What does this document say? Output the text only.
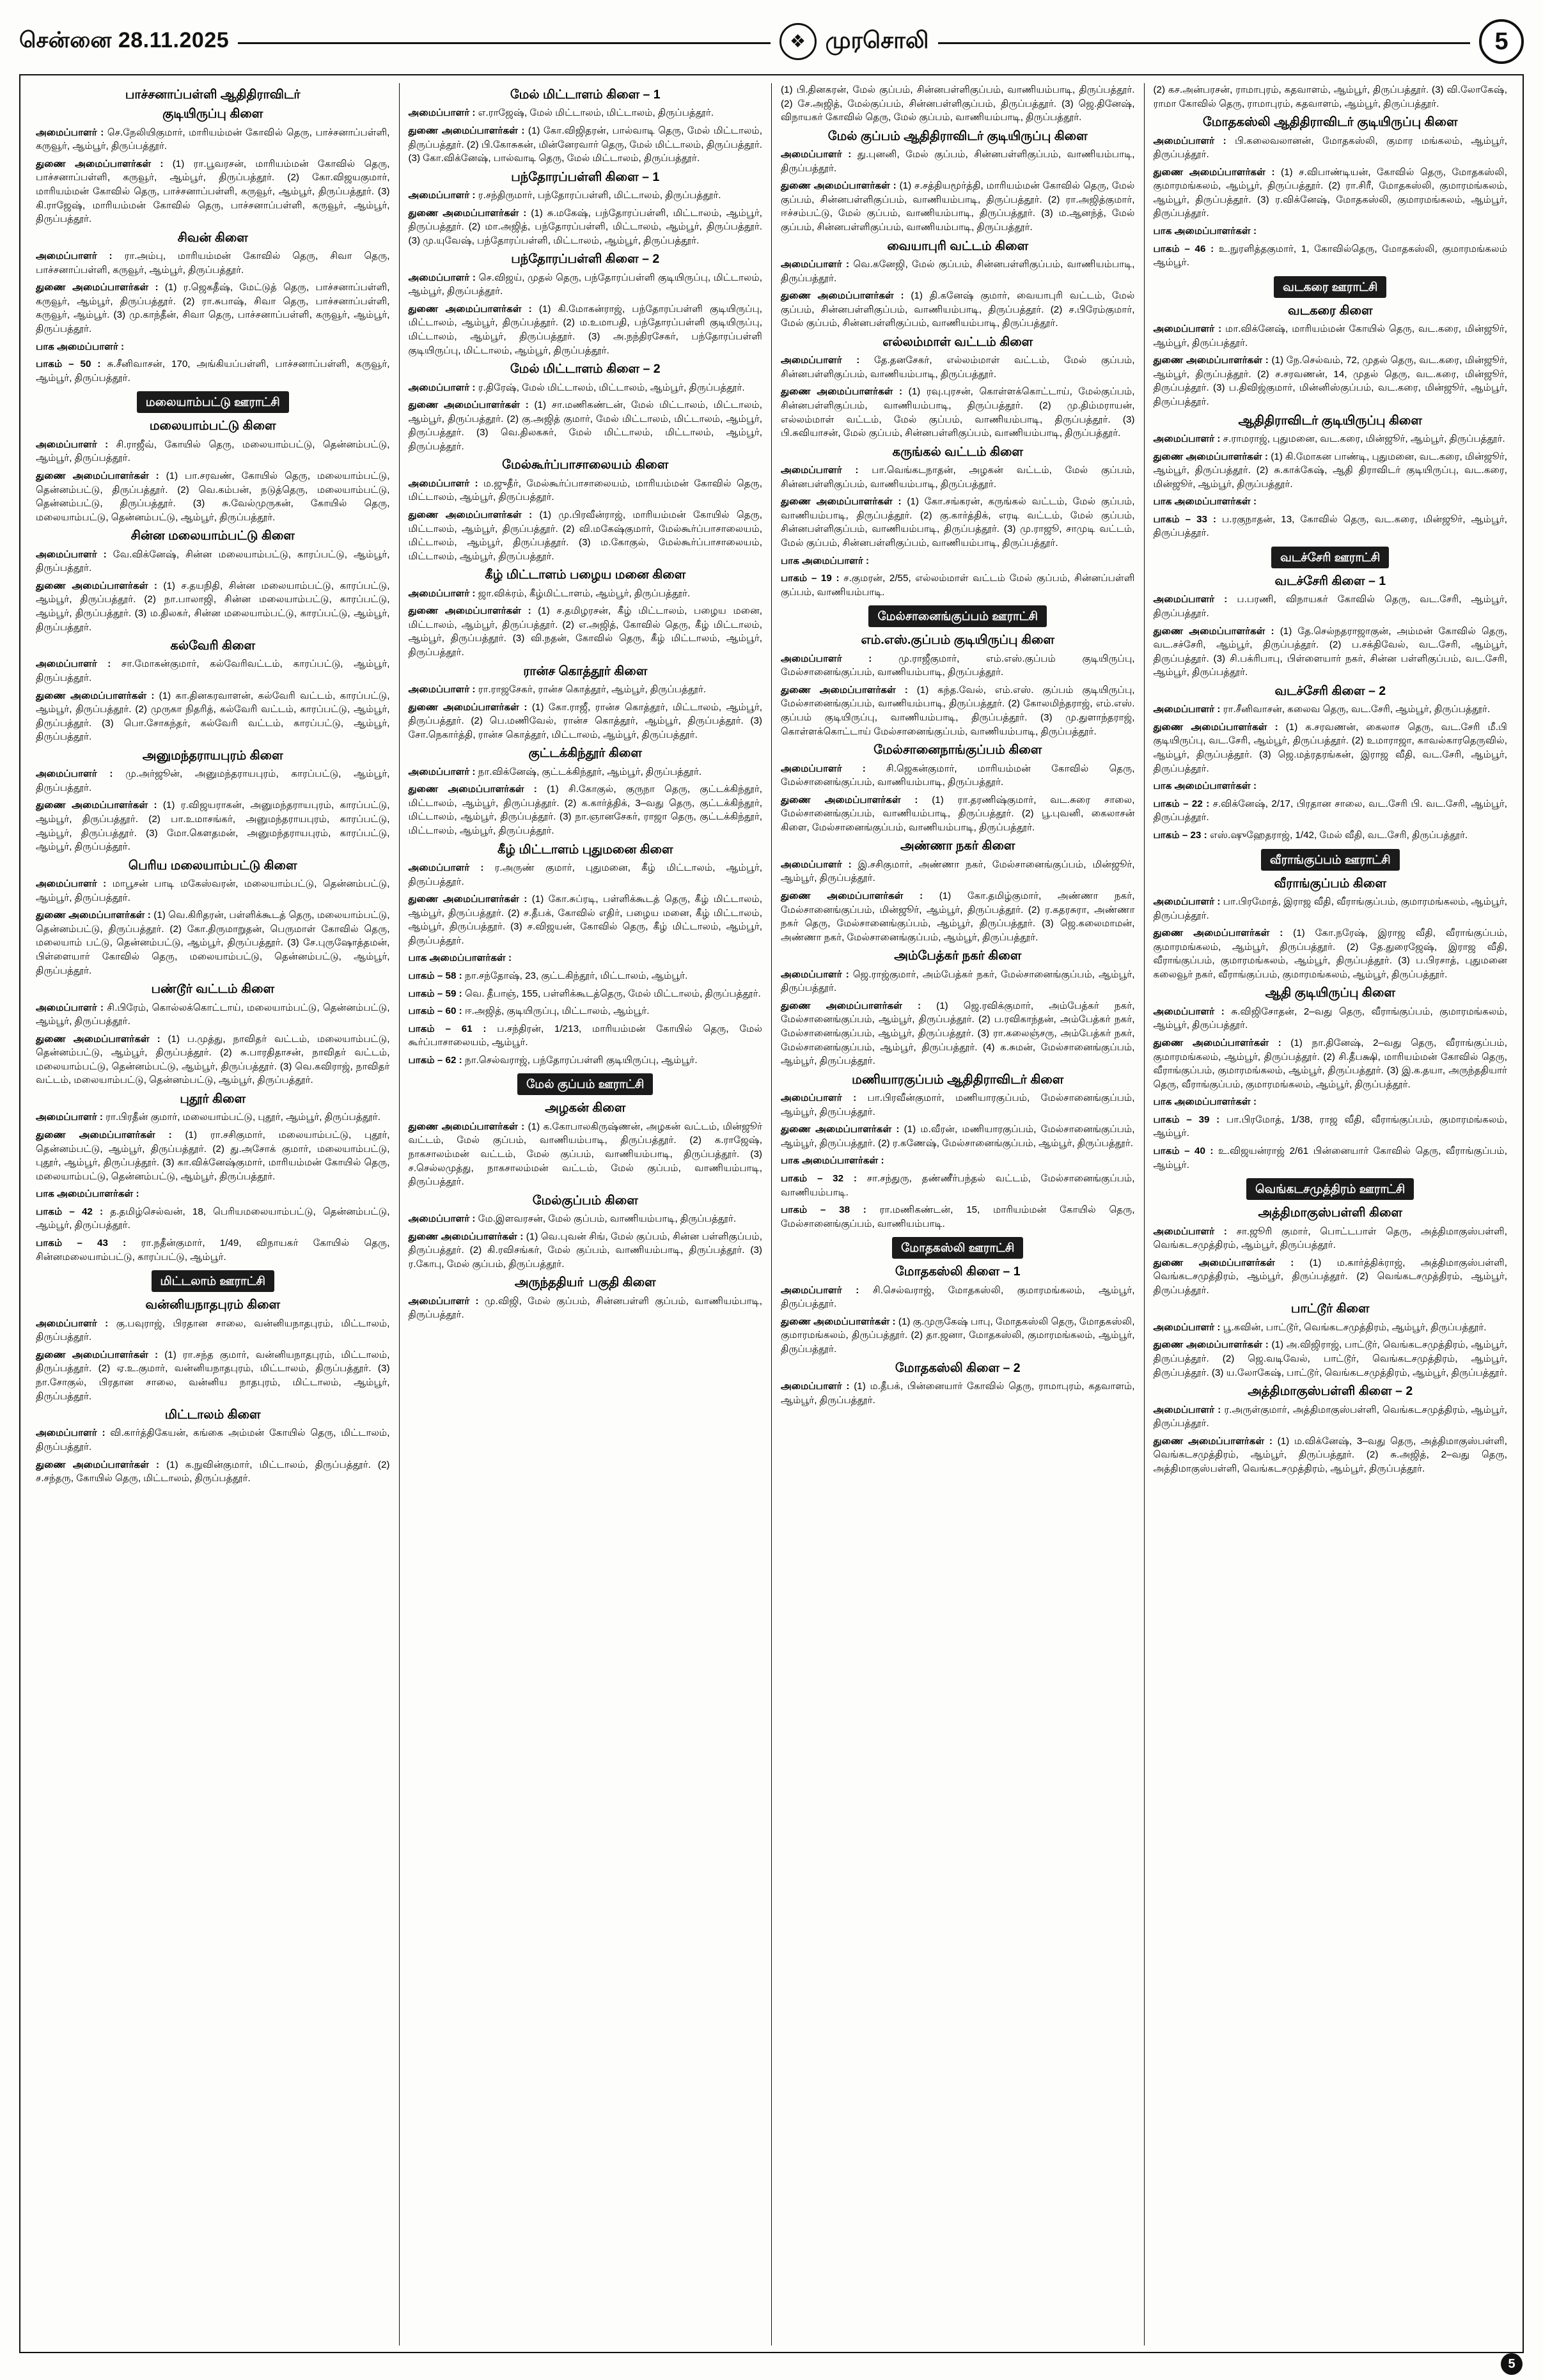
சென்னை 28.11.2025	❖ முரசொலி	5
பாச்சனாப்பள்ளி ஆதிதிராவிடர்
குடியிருப்பு கிளை

அமைப்பாளர் : செ.நேலியிகுமார், மாரியம்மன் கோவில் தெரு, பாச்சனாப்பள்ளி, கருவூர், ஆம்பூர், திருப்பத்தூர்.

துணை அமைப்பாளர்கள் : (1) ரா.பூவரசன், மாரியம்மன் கோவில் தெரு, பாச்சனாப்பள்ளி, கருவூர், ஆம்பூர், திருப்பத்தூர். (2) கோ.விஜயகுமார், மாரியம்மன் கோவில் தெரு, பாச்சனாப்பள்ளி, கருவூர், ஆம்பூர், திருப்பத்தூர். (3) கி.ராஜேஷ், மாரியம்மன் கோவில் தெரு, பாச்சனாப்பள்ளி, கருவூர், ஆம்பூர், திருப்பத்தூர்.

சிவன் கிளை

அமைப்பாளர் : ரா.அம்பு, மாரியம்மன் கோவில் தெரு, சிவா தெரு, பாச்சனாப்பள்ளி, கருவூர், ஆம்பூர், திருப்பத்தூர்.

துணை அமைப்பாளர்கள் : (1) ர.ஜெகதீஷ், மேட்டுத் தெரு, பாச்சனாப்பள்ளி, கருவூர், ஆம்பூர், திருப்பத்தூர். (2) ரா.சுபாஷ், சிவா தெரு, பாச்சனாப்பள்ளி, கருவூர், ஆம்பூர். (3) மு.காந்தீன், சிவா தெரு, பாச்சனாப்பள்ளி, கருவூர், ஆம்பூர், திருப்பத்தூர்.

பாக அமைப்பாளர் :

பாகம் – 50 : சு.சீனிவாசன், 170, அங்கியப்பள்ளி, பாச்சனாப்பள்ளி, கருவூர், ஆம்பூர், திருப்பத்தூர்.

மலையாம்பட்டு ஊராட்சி
மலையாம்பட்டு கிளை

அமைப்பாளர் : சி.ராஜீவ், கோயில் தெரு, மலையாம்பட்டு, தென்னம்பட்டு, ஆம்பூர், திருப்பத்தூர்.

துணை அமைப்பாளர்கள் : (1) பா.சரவண், கோயில் தெரு, மலையாம்பட்டு, தென்னம்பட்டு, திருப்பத்தூர். (2) வெ.கம்பன், நடுத்தெரு, மலையாம்பட்டு, தென்னம்பட்டு, திருப்பத்தூர். (3) சு.வேல்முருகன், கோயில் தெரு, மலையாம்பட்டு, தென்னம்பட்டு, ஆம்பூர், திருப்பத்தூர்.

சின்ன மலையாம்பட்டு கிளை

அமைப்பாளர் : வே.விக்னேஷ், சின்ன மலையாம்பட்டு, காரப்பட்டு, ஆம்பூர், திருப்பத்தூர்.

துணை அமைப்பாளர்கள் : (1) ச.தயநிதி, சின்ன மலையாம்பட்டு, காரப்பட்டு, ஆம்பூர், திருப்பத்தூர். (2) நா.பாலாஜி, சின்ன மலையாம்பட்டு, காரப்பட்டு, ஆம்பூர், திருப்பத்தூர். (3) ம.திலகர், சின்ன மலையாம்பட்டு, காரப்பட்டு, ஆம்பூர், திருப்பத்தூர்.

கல்வேரி கிளை

அமைப்பாளர் : சா.மோகன்குமார், கல்வேரிவட்டம், காரப்பட்டு, ஆம்பூர், திருப்பத்தூர்.

துணை அமைப்பாளர்கள் : (1) கா.தினகரவாளன், கல்வேரி வட்டம், காரப்பட்டு, ஆம்பூர், திருப்பத்தூர். (2) முருகா நிதரித், கல்வேரி வட்டம், காரப்பட்டு, ஆம்பூர், திருப்பத்தூர். (3) பொ.சோகந்தர், கல்வேரி வட்டம், காரப்பட்டு, ஆம்பூர், திருப்பத்தூர்.

அனுமந்தராயபுரம் கிளை

அமைப்பாளர் : மு.அர்ஜூன், அனுமந்தராயபுரம், காரப்பட்டு, ஆம்பூர், திருப்பத்தூர்.

துணை அமைப்பாளர்கள் : (1) ர.விஜயராகன், அனுமந்தராயபுரம், காரப்பட்டு, ஆம்பூர், திருப்பத்தூர். (2) பா.உமாசங்கர், அனுமந்தராயபுரம், காரப்பட்டு, ஆம்பூர், திருப்பத்தூர். (3) மோ.கௌதமன், அனுமந்தராயபுரம், காரப்பட்டு, ஆம்பூர், திருப்பத்தூர்.

பெரிய மலையாம்பட்டு கிளை

அமைப்பாளர் : மாபூசன் பாடி மகேஸ்வரன், மலையாம்பட்டு, தென்னம்பட்டு, ஆம்பூர், திருப்பத்தூர்.

துணை அமைப்பாளர்கள் : (1) வெ.கிரிதரன், பள்ளிக்கூடத் தெரு, மலையாம்பட்டு, தென்னம்பட்டு, திருப்பத்தூர். (2) கோ.திருமாறுதன், பெருமாள் கோவில் தெரு, மலையாம் பட்டு, தென்னம்பட்டு, ஆம்பூர், திருப்பத்தூர். (3) சே.புருஷோத்தமன், பிள்ளையார் கோவில் தெரு, மலையாம்பட்டு, தென்னம்பட்டு, ஆம்பூர், திருப்பத்தூர்.

பண்டூர் வட்டம் கிளை

அமைப்பாளர் : சி.பிரேம், கொல்லக்கொட்டாய், மலையாம்பட்டு, தென்னம்பட்டு, ஆம்பூர், திருப்பத்தூர்.

துணை அமைப்பாளர்கள் : (1) ப.முத்து, நாவிதர் வட்டம், மலையாம்பட்டு, தென்னம்பட்டு, ஆம்பூர், திருப்பத்தூர். (2) சு.பாரதிதாசன், நாவிதர் வட்டம், மலையாம்பட்டு, தென்னம்பட்டு, ஆம்பூர், திருப்பத்தூர். (3) வெ.கவிராஜ், நாவிதர் வட்டம், மலையாம்பட்டு, தென்னம்பட்டு, ஆம்பூர், திருப்பத்தூர்.

புதூர் கிளை

அமைப்பாளர் : ரா.பிரதீன் குமார், மலையாம்பட்டு, புதூர், ஆம்பூர், திருப்பத்தூர்.

துணை அமைப்பாளர்கள் : (1) ரா.சசிகுமார், மலையாம்பட்டு, புதூர், தென்னம்பட்டு, ஆம்பூர், திருப்பத்தூர். (2) து.அசோக் குமார், மலையாம்பட்டு, புதூர், ஆம்பூர், திருப்பத்தூர். (3) கா.விக்னேஷ்குமார், மாரியம்மன் கோயில் தெரு, மலையாம்பட்டு, தென்னம்பட்டு, ஆம்பூர், திருப்பத்தூர்.

பாக அமைப்பாளர்கள் :

பாகம் – 42 : த.தமிழ்செல்வன், 18, பெரியமலையாம்பட்டு, தென்னம்பட்டு, ஆம்பூர், திருப்பத்தூர்.

பாகம் – 43 : ரா.நதீன்குமார், 1/49, விநாயகர் கோயில் தெரு, சின்னமலையாம்பட்டு, காரப்பட்டு, ஆம்பூர்.

மிட்டலாம் ஊராட்சி
வன்னியநாதபுரம் கிளை

அமைப்பாளர் : கு.பவுராஜ், பிரதான சாலை, வன்னியநாதபுரம், மிட்டாலம், திருப்பத்தூர்.

துணை அமைப்பாளர்கள் : (1) ரா.சந்த குமார், வன்னியநாதபுரம், மிட்டாலம், திருப்பத்தூர். (2) ஏ.உ.குமார், வன்னியநாதபுரம், மிட்டாலம், திருப்பத்தூர். (3) நா.சோகுல், பிரதான சாலை, வன்னிய நாதபுரம், மிட்டாலம், ஆம்பூர், திருப்பத்தூர்.

மிட்டாலம் கிளை

அமைப்பாளர் : வி.கார்த்திகேயன், கங்கை அம்மன் கோயில் தெரு, மிட்டாலம், திருப்பத்தூர்.

துணை அமைப்பாளர்கள் : (1) க.நுவின்குமார், மிட்டாலம், திருப்பத்தூர். (2) ச.சந்தரு, கோயில் தெரு, மிட்டாலம், திருப்பத்தூர்.

மேல் மிட்டாளம் கிளை – 1

அமைப்பாளர் : எ.ராஜேஷ், மேல் மிட்டாலம், மிட்டாலம், திருப்பத்தூர்.

துணை அமைப்பாளர்கள் : (1) கோ.விஜிதரன், பால்வாடி தெரு, மேல் மிட்டாலம், திருப்பத்தூர். (2) பி.கோசுகன், மின்னேரவார் தெரு, மேல் மிட்டாலம், திருப்பத்தூர். (3) கோ.விக்னேஷ், பால்வாடி தெரு, மேல் மிட்டாலம், திருப்பத்தூர்.

பந்தோரப்பள்ளி கிளை – 1

அமைப்பாளர் : ர.சந்திருமார், பந்தோரப்பள்ளி, மிட்டாலம், திருப்பத்தூர்.

துணை அமைப்பாளர்கள் : (1) சு.மகேஷ், பந்தோரப்பள்ளி, மிட்டாலம், ஆம்பூர், திருப்பத்தூர். (2) மா.அஜித், பந்தோரப்பள்ளி, மிட்டாலம், ஆம்பூர், திருப்பத்தூர். (3) மு.யுவேஷ், பந்தோரப்பள்ளி, மிட்டாலம், ஆம்பூர், திருப்பத்தூர்.

பந்தோரப்பள்ளி கிளை – 2

அமைப்பாளர் : செ.விஜய், முதல் தெரு, பந்தோரப்பள்ளி குடியிருப்பு, மிட்டாலம், ஆம்பூர், திருப்பத்தூர்.

துணை அமைப்பாளர்கள் : (1) கி.மோகன்ராஜ், பந்தோரப்பள்ளி குடியிருப்பு, மிட்டாலம், ஆம்பூர், திருப்பத்தூர். (2) ம.உமாபதி, பந்தோரப்பள்ளி குடியிருப்பு, மிட்டாலம், ஆம்பூர், திருப்பத்தூர். (3) அ.நந்திரசேகர், பந்தோரப்பள்ளி குடியிருப்பு, மிட்டாலம், ஆம்பூர், திருப்பத்தூர்.

மேல் மிட்டாளம் கிளை – 2

அமைப்பாளர் : ர.திரேஷ், மேல் மிட்டாலம், மிட்டாலம், ஆம்பூர், திருப்பத்தூர்.

துணை அமைப்பாளர்கள் : (1) சா.மணிகண்டன், மேல் மிட்டாலம், மிட்டாலம், ஆம்பூர், திருப்பத்தூர். (2) கு.அஜித் குமார், மேல் மிட்டாலம், மிட்டாலம், ஆம்பூர், திருப்பத்தூர். (3) வெ.திலகசுர், மேல் மிட்டாலம், மிட்டாலம், ஆம்பூர், திருப்பத்தூர்.

மேல்கூர்ப்பாசாலையம் கிளை

அமைப்பாளர் : ம.ஜுதீர், மேல்கூர்ப்பாசாலையம், மாரியம்மன் கோவில் தெரு, மிட்டாலம், ஆம்பூர், திருப்பத்தூர்.

துணை அமைப்பாளர்கள் : (1) மு.பிரவீன்ராஜ், மாரியம்மன் கோயில் தெரு, மிட்டாலம், ஆம்பூர், திருப்பத்தூர். (2) வி.மகேஷ்குமார், மேல்கூர்ப்பாசாலையம், மிட்டாலம், ஆம்பூர், திருப்பத்தூர். (3) ம.கோகுல், மேல்கூர்ப்பாசாலையம், மிட்டாலம், ஆம்பூர், திருப்பத்தூர்.

கீழ் மிட்டாளம் பழைய மனை கிளை

அமைப்பாளர் : ஜா.விக்ரம், கீழ்மிட்டாளம், ஆம்பூர், திருப்பத்தூர்.

துணை அமைப்பாளர்கள் : (1) ச.தமிழரசன், கீழ் மிட்டாலம், பழைய மனை, மிட்டாலம், ஆம்பூர், திருப்பத்தூர். (2) எ.அஜித், கோவில் தெரு, கீழ் மிட்டாலம், ஆம்பூர், திருப்பத்தூர். (3) வி.நதன், கோவில் தெரு, கீழ் மிட்டாலம், ஆம்பூர், திருப்பத்தூர்.

ரான்ச கொத்தூர் கிளை

அமைப்பாளர் : ரா.ராஜசேகர், ரான்ச கொத்தூர், ஆம்பூர், திருப்பத்தூர்.

துணை அமைப்பாளர்கள் : (1) கோ.ராஜீ, ரான்ச கொத்தூர், மிட்டாலம், ஆம்பூர், திருப்பத்தூர். (2) பெ.மணிவேல், ரான்ச கொத்தூர், ஆம்பூர், திருப்பத்தூர். (3) சோ.நெகார்த்தி, ரான்ச கொத்தூர், மிட்டாலம், ஆம்பூர், திருப்பத்தூர்.

குட்டக்கிந்தூர் கிளை

அமைப்பாளர் : நா.விக்னேஷ், குட்டக்கிந்தூர், ஆம்பூர், திருப்பத்தூர்.

துணை அமைப்பாளர்கள் : (1) சி.கோகுல், குருநா தெரு, குட்டக்கிந்தூர், மிட்டாலம், ஆம்பூர், திருப்பத்தூர். (2) க.கார்த்திக், 3–வது தெரு, குட்டக்கிந்தூர், மிட்டாலம், ஆம்பூர், திருப்பத்தூர். (3) நா.ஞானசேகர், ராஜா தெரு, குட்டக்கிந்தூர், மிட்டாலம், ஆம்பூர், திருப்பத்தூர்.

கீழ் மிட்டாளம் புதுமனை கிளை

அமைப்பாளர் : ர.அருண் குமார், புதுமனை, கீழ் மிட்டாலம், ஆம்பூர், திருப்பத்தூர்.

துணை அமைப்பாளர்கள் : (1) கோ.சுப்ரடி, பள்ளிக்கூடத் தெரு, கீழ் மிட்டாலம், ஆம்பூர், திருப்பத்தூர். (2) ச.தீபக், கோவில் எதிர், பழைய மனை, கீழ் மிட்டாலம், ஆம்பூர், திருப்பத்தூர். (3) ச.விஜயன், கோவில் தெரு, கீழ் மிட்டாலம், ஆம்பூர், திருப்பத்தூர்.

பாக அமைப்பாளர்கள் :

பாகம் – 58 : நா.சந்தோஷ், 23, குட்டகிந்தூர், மிட்டாலம், ஆம்பூர்.

பாகம் – 59 : வெ. தீபாஞ், 155, பள்ளிக்கூடத்தெரு, மேல் மிட்டாலம், திருப்பத்தூர்.

பாகம் – 60 : ஈ.அஜித், குடியிருப்பு, மிட்டாலம், ஆம்பூர்.

பாகம் – 61 : ப.சந்திரன், 1/213, மாரியம்மன் கோயில் தெரு, மேல் கூர்ப்பாசாலையம், ஆம்பூர்.

பாகம் – 62 : நா.செல்வராஜ், பந்தோரப்பள்ளி குடியிருப்பு, ஆம்பூர்.

மேல் குப்பம் ஊராட்சி
அழகன் கிளை

துணை அமைப்பாளர்கள் : (1) க.கோபாலகிருஷ்ணன், அழகன் வட்டம், மின்ஜூர் வட்டம், மேல் குப்பம், வாணியம்பாடி, திருப்பத்தூர். (2) க.ராஜேஷ், நாகசாலம்மன் வட்டம், மேல் குப்பம், வாணியம்பாடி, திருப்பத்தூர். (3) ச.செல்லமுத்து, நாகசாலம்மன் வட்டம், மேல் குப்பம், வாணியம்பாடி, திருப்பத்தூர்.

மேல்குப்பம் கிளை

அமைப்பாளர் : மே.இளவரசன், மேல் குப்பம், வாணியம்பாடி, திருப்பத்தூர்.

துணை அமைப்பாளர்கள் : (1) வெ.புவன் சிங், மேல் குப்பம், சின்ன பள்ளிகுப்பம், திருப்பத்தூர். (2) கி.ரவிசங்கர், மேல் குப்பம், வாணியம்பாடி, திருப்பத்தூர். (3) ர.கோபு, மேல் குப்பம், திருப்பத்தூர்.

அருந்ததியா் பகுதி கிளை

அமைப்பாளர் : மு.விஜி, மேல் குப்பம், சின்னபள்ளி குப்பம், வாணியம்பாடி, திருப்பத்தூர்.

(1) பி.தினகரன், மேல் குப்பம், சின்னபள்ளிகுப்பம், வாணியம்பாடி, திருப்பத்தூர். (2) சே.அஜித், மேல்குப்பம், சின்னபள்ளிகுப்பம், திருப்பத்தூர். (3) ஜெ.தினேஷ், விநாயகர் கோவில் தெரு, மேல் குப்பம், வாணியம்பாடி, திருப்பத்தூர்.

மேல் குப்பம் ஆதிதிராவிடர் குடியிருப்பு கிளை

அமைப்பாளர் : து.புனனி, மேல் குப்பம், சின்னபள்ளிகுப்பம், வாணியம்பாடி, திருப்பத்தூர்.

துணை அமைப்பாளர்கள் : (1) ச.சத்தியமூர்த்தி, மாரியம்மன் கோவில் தெரு, மேல் குப்பம், சின்னபள்ளிகுப்பம், வாணியம்பாடி, திருப்பத்தூர். (2) ரா.அஜித்குமார், ஈச்சம்பட்டு, மேல் குப்பம், வாணியம்பாடி, திருப்பத்தூர். (3) ம.ஆனந்த், மேல் குப்பம், சின்னபள்ளிகுப்பம், வாணியம்பாடி, திருப்பத்தூர்.

வையாபுரி வட்டம் கிளை

அமைப்பாளர் : வெ.கனேஜி, மேல் குப்பம், சின்னபள்ளிகுப்பம், வாணியம்பாடி, திருப்பத்தூர்.

துணை அமைப்பாளர்கள் : (1) தி.கனேஷ் குமார், வையாபுரி வட்டம், மேல் குப்பம், சின்னபள்ளிகுப்பம், வாணியம்பாடி, திருப்பத்தூர். (2) ச.பிரேம்குமார், மேல் குப்பம், சின்னபள்ளிகுப்பம், வாணியம்பாடி, திருப்பத்தூர்.

எல்லம்மாள் வட்டம் கிளை

அமைப்பாளர் : தே.தனசேகர், எல்லம்மாள் வட்டம், மேல் குப்பம், சின்னபள்ளிகுப்பம், வாணியம்பாடி, திருப்பத்தூர்.

துணை அமைப்பாளர்கள் : (1) ரவு.புரசன், கொள்ளக்கொட்டாய், மேல்குப்பம், சின்னபள்ளிகுப்பம், வாணியம்பாடி, திருப்பத்தூர். (2) மு.திம்மராயன், எல்லம்மாள் வட்டம், மேல் குப்பம், வாணியம்பாடி, திருப்பத்தூர். (3) பி.சுவியாசன், மேல் குப்பம், சின்னபள்ளிகுப்பம், வாணியம்பாடி, திருப்பத்தூர்.

கருங்கல் வட்டம் கிளை

அமைப்பாளர் : பா.வெங்கடநாதன், அழகன் வட்டம், மேல் குப்பம், சின்னபள்ளிகுப்பம், வாணியம்பாடி, திருப்பத்தூர்.

துணை அமைப்பாளர்கள் : (1) கோ.சங்கரன், கருங்கல் வட்டம், மேல் குப்பம், வாணியம்பாடி, திருப்பத்தூர். (2) கு.கார்த்திக், எரடி வட்டம், மேல் குப்பம், சின்னபள்ளிகுப்பம், வாணியம்பாடி, திருப்பத்தூர். (3) மு.ராஜூ, சாமுடி வட்டம், மேல் குப்பம், சின்னபள்ளிகுப்பம், வாணியம்பாடி, திருப்பத்தூர்.

பாக அமைப்பாளர் :

பாகம் – 19 : ச.குமரன், 2/55, எல்லம்மாள் வட்டம் மேல் குப்பம், சின்னப்பள்ளி குப்பம், வாணியம்பாடி.

மேல்சானைங்குப்பம் ஊராட்சி
எம்.எஸ்.குப்பம் குடியிருப்பு கிளை

அமைப்பாளர் :	மு.ராஜீகுமார், எம்.எஸ்.குப்பம் குடியிருப்பு, மேல்சானைங்குப்பம், வாணியம்பாடி, திருப்பத்தூர்.

துணை அமைப்பாளர்கள் : (1) கந்த.வேல், எம்.எஸ். குப்பம் குடியிருப்பு, மேல்சானைங்குப்பம், வாணியம்பாடி, திருப்பத்தூர். (2) கோலமிந்தராஜ், எம்.எஸ். குப்பம் குடியிருப்பு, வாணியம்பாடி, திருப்பத்தூர். (3) மு.துளாந்தராஜ், கொள்ளக்கொட்டாய் மேல்சானைங்குப்பம், வாணியம்பாடி, திருப்பத்தூர்.

மேல்சானைநாங்குப்பம் கிளை

அமைப்பாளர் : சி.ஜெகன்குமார், மாரியம்மன் கோவில் தெரு, மேல்சானைங்குப்பம், வாணியம்பாடி, திருப்பத்தூர்.

துணை அமைப்பாளர்கள் : (1) ரா.தரணிஷ்குமார், வட.சுரை சாலை, மேல்சானைங்குப்பம், வாணியம்பாடி, திருப்பத்தூர். (2) பூ.புவனி, கைலாசன் கிளை, மேல்சானைங்குப்பம், வாணியம்பாடி, திருப்பத்தூர்.

அண்ணா நகர் கிளை

அமைப்பாளர் : இ.சசிகுமார், அண்ணா நகர், மேல்சானைங்குப்பம், மின்ஜூர், ஆம்பூர், திருப்பத்தூர்.

துணை அமைப்பாளர்கள் : (1) கோ.தமிழ்குமார், அண்ணா நகர், மேல்சானைங்குப்பம், மின்ஜூர், ஆம்பூர், திருப்பத்தூர். (2) ர.கதரசுரா, அண்ணா நகர் தெரு, மேல்சானைங்குப்பம், ஆம்பூர், திருப்பத்தூர். (3) ஜெ.கலைமாமன், அண்ணா நகர், மேல்சானைங்குப்பம், ஆம்பூர், திருப்பத்தூர்.

அம்பேத்கர் நகர் கிளை

அமைப்பாளர் : ஜெ.ராஜ்குமார், அம்பேத்கர் நகர், மேல்சானைங்குப்பம், ஆம்பூர், திருப்பத்தூர்.

துணை அமைப்பாளர்கள் : (1) ஜெ.ரவிக்குமார், அம்பேத்கர் நகர், மேல்சானைங்குப்பம், ஆம்பூர், திருப்பத்தூர். (2) ப.ரவிகாந்தன், அம்பேத்கர் நகர், மேல்சானைங்குப்பம், ஆம்பூர், திருப்பத்தூர். (3) ரா.கலைஞ்சரு, அம்பேத்கர் நகர், மேல்சானைங்குப்பம், ஆம்பூர், திருப்பத்தூர். (4) க.சுமன், மேல்சானைங்குப்பம், ஆம்பூர், திருப்பத்தூர்.

மணியாரகுப்பம் ஆதிதிராவிடர் கிளை

அமைப்பாளர் : பா.பிரவீன்குமார், மணியாரகுப்பம், மேல்சானைங்குப்பம், ஆம்பூர், திருப்பத்தூர்.

துணை அமைப்பாளர்கள் : (1) ம.வீரன், மணியாரகுப்பம், மேல்சானைங்குப்பம், ஆம்பூர், திருப்பத்தூர். (2) ர.கணேஷ், மேல்சானைங்குப்பம், ஆம்பூர், திருப்பத்தூர்.

பாக அமைப்பாளர்கள் :

பாகம் – 32 : சா.சந்துரு, தண்ணீர்பந்தல் வட்டம், மேல்சானைங்குப்பம், வாணியம்பாடி.

பாகம் – 38 : ரா.மணிகண்டன், 15, மாரியம்மன் கோயில் தெரு, மேல்சானைங்குப்பம், வாணியம்பாடி.

மோதகஸ்லி ஊராட்சி
மோதகஸ்லி கிளை – 1

அமைப்பாளர் : சி.செல்வராஜ், மோதகஸ்லி, குமாரமங்கலம், ஆம்பூர், திருப்பத்தூர்.

துணை அமைப்பாளர்கள் : (1) கு.முருகேஷ் பாபு, மோதகஸ்லி தெரு, மோதகஸ்லி, குமாரமங்கலம், திருப்பத்தூர். (2) தா.ஜனா, மோதகஸ்லி, குமாரமங்கலம், ஆம்பூர், திருப்பத்தூர்.

மோதகஸ்லி கிளை – 2

அமைப்பாளர் : (1) ம.தீபக், பின்னையார் கோவில் தெரு, ராமாபுரம், கதவாளம், ஆம்பூர், திருப்பத்தூர்.

(2) கச.அன்பரசன், ராமாபுரம், கதவாளம், ஆம்பூர், திருப்பத்தூர். (3) வி.லோகேஷ், ராமா கோவில் தெரு, ராமாபுரம், கதவாளம், ஆம்பூர், திருப்பத்தூர்.

மோதகஸ்லி ஆதிதிராவிடர் குடியிருப்பு கிளை

அமைப்பாளர் : பி.கலைவலானன், மோதகஸ்லி, குமார மங்கலம், ஆம்பூர், திருப்பத்தூர்.

துணை அமைப்பாளர்கள் : (1) ச.விபாண்டியன், கோவில் தெரு, மோதகஸ்லி, குமாரமங்கலம், ஆம்பூர், திருப்பத்தூர். (2) ரா.சிரீ, மோதகஸ்லி, குமாரமங்கலம், ஆம்பூர், திருப்பத்தூர். (3) ர.விக்னேஷ், மோதகஸ்லி, குமாரமங்கலம், ஆம்பூர், திருப்பத்தூர்.

பாக அமைப்பாளர்கள் :

பாகம் – 46 : உ.நுரளித்தகுமார், 1, கோவில்தெரு, மோதகஸ்லி, குமாரமங்கலம் ஆம்பூர்.

வடகரை ஊராட்சி
வடகரை கிளை

அமைப்பாளர் : மா.விக்னேஷ், மாரியம்மன் கோயில் தெரு, வட.கரை, மின்ஜூர், ஆம்பூர், திருப்பத்தூர்.

துணை அமைப்பாளர்கள் : (1) நே.செல்வம், 72, முதல் தெரு, வட.கரை, மின்ஜூர், ஆம்பூர், திருப்பத்தூர். (2) ச.சரவணன், 14, முதல் தெரு, வட.கரை, மின்ஜூர், திருப்பத்தூர். (3) ப.திவிஜ்குமார், மின்னிஸ்குப்பம், வட.கரை, மின்ஜூர், ஆம்பூர், திருப்பத்தூர்.

ஆதிதிராவிடர் குடியிருப்பு கிளை

அமைப்பாளர் : ச.ராமராஜ், புதுமனை, வட.கரை, மின்ஜூர், ஆம்பூர், திருப்பத்தூர்.

துணை அமைப்பாளர்கள் : (1) கி.மோகன பாண்டி, புதுமனை, வட.கரை, மின்ஜூர், ஆம்பூர், திருப்பத்தூர். (2) சு.காக்கேஷ், ஆதி திராவிடர் குடியிருப்பு, வட.கரை, மின்ஜூர், ஆம்பூர், திருப்பத்தூர்.

பாக அமைப்பாளர்கள் :

பாகம் – 33 : ப.ரகுநாதன், 13, கோவில் தெரு, வட.கரை, மின்ஜூர், ஆம்பூர், திருப்பத்தூர்.

வடச்சேரி ஊராட்சி
வடச்சேரி கிளை – 1

அமைப்பாளர் : ப.பரணி, விநாயகர் கோவில் தெரு, வட.சேரி, ஆம்பூர், திருப்பத்தூர்.

துணை அமைப்பாளர்கள் : (1) தே.செல்நதராஜாகுன், அம்மன் கோவில் தெரு, வட.சச்சேரி, ஆம்பூர், திருப்பத்தூர். (2) ப.சக்திவேல், வட.சேரி, ஆம்பூர், திருப்பத்தூர். (3) சி.பக்ரிபாபு, பிள்ளையார் நகர், சின்ன பள்ளிகுப்பம், வட.சேரி, ஆம்பூர், திருப்பத்தூர்.

வடச்சேரி கிளை – 2

அமைப்பாளர் : ரா.சீனிவாசன், கலைவ தெரு, வட.சேரி, ஆம்பூர், திருப்பத்தூர்.

துணை அமைப்பாளர்கள் : (1) க.சரவணன், கைலாச தெரு, வட.சேரி மீ.பி குடியிருப்பு, வட.சேரி, ஆம்பூர், திருப்பத்தூர். (2) உமாராஜா, காவல்காரதெருவில், ஆம்பூர், திருப்பத்தூர். (3) ஜெ.மத்ரதரங்கன், இராஜ வீதி, வட.சேரி, ஆம்பூர், திருப்பத்தூர்.

பாக அமைப்பாளர்கள் :

பாகம் – 22 : ச.விக்னேஷ், 2/17, பிரதான சாலை, வட.சேரி பி. வட.சேரி, ஆம்பூர், திருப்பத்தூர்.

பாகம் – 23 : எஸ்.ஷுஹேதராஜ், 1/42, மேல் வீதி, வட.சேரி, திருப்பத்தூர்.

வீராங்குப்பம் ஊராட்சி
வீராங்குப்பம் கிளை

அமைப்பாளர் : பா.பிரமோத், இராஜ வீதி, வீராங்குப்பம், குமாரமங்கலம், ஆம்பூர், திருப்பத்தூர்.

துணை அமைப்பாளர்கள் : (1) கோ.நரேஷ், இராஜ வீதி, வீராங்குப்பம், குமாரமங்கலம், ஆம்பூர், திருப்பத்தூர். (2) தே.துரைஜேஷ், இராஜ வீதி, வீராங்குப்பம், குமாரமங்கலம், ஆம்பூர், திருப்பத்தூர். (3) ப.பிரசாத், புதுமனை கலைவூர் நகர், வீராங்குப்பம், குமாரமங்கலம், ஆம்பூர், திருப்பத்தூர்.

ஆதி குடியிருப்பு கிளை

அமைப்பாளர் : சு.விஜிசோதன், 2–வது தெரு, வீராங்குப்பம், குமாரமங்கலம், ஆம்பூர், திருப்பத்தூர்.

துணை அமைப்பாளர்கள் : (1) நா.தினேஷ், 2–வது தெரு, வீராங்குப்பம், குமாரமங்கலம், ஆம்பூர், திருப்பத்தூர். (2) சி.தீபக்ஷி, மாரியம்மன் கோவில் தெரு, வீராங்குப்பம், குமாரமங்கலம், ஆம்பூர், திருப்பத்தூர். (3) இ.க.தயா, அருந்ததியார் தெரு, வீராங்குப்பம், குமாரமங்கலம், ஆம்பூர், திருப்பத்தூர்.

பாக அமைப்பாளர்கள் :

பாகம் – 39 : பா.பிரமோத், 1/38, ராஜ வீதி, வீராங்குப்பம், குமாரமங்கலம், ஆம்பூர்.

பாகம் – 40 : உ.விஜயன்ராஜ் 2/61 பின்னையார் கோவில் தெரு, வீராங்குப்பம், ஆம்பூர்.

வெங்கடசமுத்திரம் ஊராட்சி
அத்திமாகுஸ்பள்ளி கிளை

அமைப்பாளர் : சா.ஜூரி குமார், பொட்டபாள் தெரு, அத்திமாகுஸ்பள்ளி, வெங்கடசமுத்திரம், ஆம்பூர், திருப்பத்தூர்.

துணை அமைப்பாளர்கள் : (1) ம.கார்த்திக்ராஜ், அத்திமாகுஸ்பள்ளி, வெங்கடசமுத்திரம், ஆம்பூர், திருப்பத்தூர். (2) வெங்கடசமுத்திரம், ஆம்பூர், திருப்பத்தூர்.

பாட்டூர் கிளை

அமைப்பாளர் : பூ.கவின், பாட்டூர், வெங்கடசமுத்திரம், ஆம்பூர், திருப்பத்தூர்.

துணை அமைப்பாளர்கள் : (1) அ.விஜிராஜ், பாட்டூர், வெங்கடசமுத்திரம், ஆம்பூர், திருப்பத்தூர். (2) ஜெ.வடிவேல், பாட்டூர், வெங்கடசமுத்திரம், ஆம்பூர், திருப்பத்தூர். (3) ய.லோகேஷ், பாட்டூர், வெங்கடசமுத்திரம், ஆம்பூர், திருப்பத்தூர்.

அத்திமாகுஸ்பள்ளி கிளை – 2

அமைப்பாளர் : ர.அருள்குமார், அத்திமாகுஸ்பள்ளி, வெங்கடசமுத்திரம், ஆம்பூர், திருப்பத்தூர்.

துணை அமைப்பாளர்கள் : (1) ம.விக்னேஷ், 3–வது தெரு, அத்திமாகுஸ்பள்ளி, வெங்கடசமுத்திரம், ஆம்பூர், திருப்பத்தூர். (2) சு.அஜித், 2–வது தெரு, அத்திமாகுஸ்பள்ளி, வெங்கடசமுத்திரம், ஆம்பூர், திருப்பத்தூர்.

5
